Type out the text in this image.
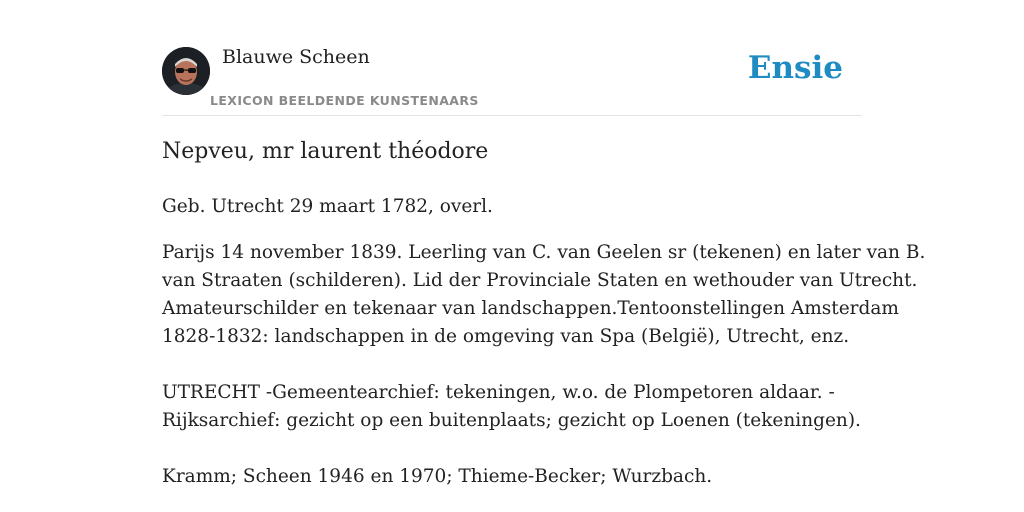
Blauwe Scheen
LEXICON BEELDENDE KUNSTENAARS
Ensie
Nepveu, mr laurent théodore

Geb. Utrecht 29 maart 1782, overl.

Parijs 14 november 1839. Leerling van C. van Geelen sr (tekenen) en later van B.
van Straaten (schilderen). Lid der Provinciale Staten en wethouder van Utrecht.
Amateurschilder en tekenaar van landschappen.Tentoonstellingen Amsterdam
1828-1832: landschappen in de omgeving van Spa (België), Utrecht, enz.
UTRECHT -Gemeentearchief: tekeningen, w.o. de Plompetoren aldaar. -
Rijksarchief: gezicht op een buitenplaats; gezicht op Loenen (tekeningen).
Kramm; Scheen 1946 en 1970; Thieme-Becker; Wurzbach.
